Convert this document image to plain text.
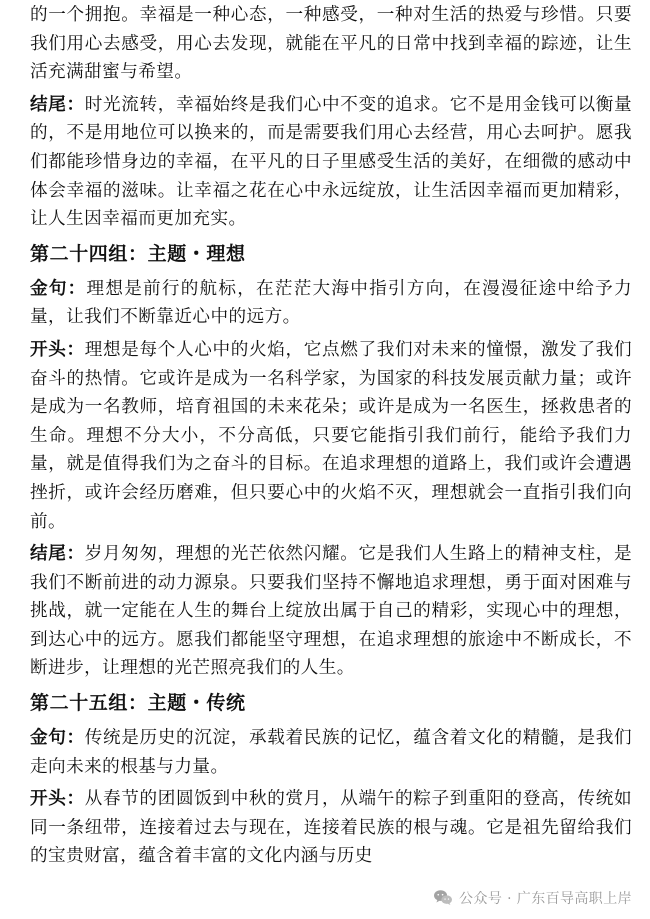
的一个拥抱。幸福是一种心态，一种感受，一种对生活的热爱与珍惜。只要我们用心去感受，用心去发现，就能在平凡的日常中找到幸福的踪迹，让生活充满甜蜜与希望。

结尾：时光流转，幸福始终是我们心中不变的追求。它不是用金钱可以衡量的，不是用地位可以换来的，而是需要我们用心去经营，用心去呵护。愿我们都能珍惜身边的幸福，在平凡的日子里感受生活的美好，在细微的感动中体会幸福的滋味。让幸福之花在心中永远绽放，让生活因幸福而更加精彩，让人生因幸福而更加充实。

第二十四组：主题・理想

金句：理想是前行的航标，在茫茫大海中指引方向，在漫漫征途中给予力量，让我们不断靠近心中的远方。

开头：理想是每个人心中的火焰，它点燃了我们对未来的憧憬，激发了我们奋斗的热情。它或许是成为一名科学家，为国家的科技发展贡献力量；或许是成为一名教师，培育祖国的未来花朵；或许是成为一名医生，拯救患者的生命。理想不分大小，不分高低，只要它能指引我们前行，能给予我们力量，就是值得我们为之奋斗的目标。在追求理想的道路上，我们或许会遭遇挫折，或许会经历磨难，但只要心中的火焰不灭，理想就会一直指引我们向前。

结尾：岁月匆匆，理想的光芒依然闪耀。它是我们人生路上的精神支柱，是我们不断前进的动力源泉。只要我们坚持不懈地追求理想，勇于面对困难与挑战，就一定能在人生的舞台上绽放出属于自己的精彩，实现心中的理想，到达心中的远方。愿我们都能坚守理想，在追求理想的旅途中不断成长，不断进步，让理想的光芒照亮我们的人生。

第二十五组：主题・传统

金句：传统是历史的沉淀，承载着民族的记忆，蕴含着文化的精髓，是我们走向未来的根基与力量。

开头：从春节的团圆饭到中秋的赏月，从端午的粽子到重阳的登高，传统如同一条纽带，连接着过去与现在，连接着民族的根与魂。它是祖先留给我们的宝贵财富，蕴含着丰富的文化内涵与历史

公众号 · 广东百导高职上岸
